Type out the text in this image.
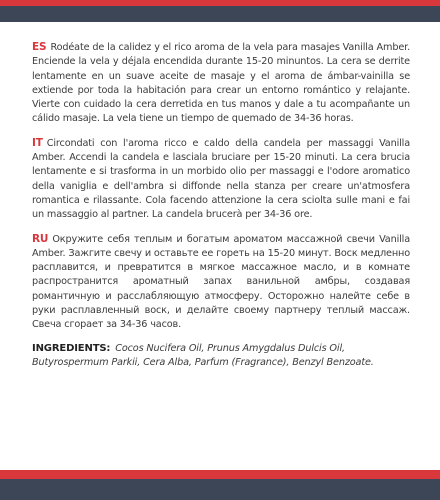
ES Rodéate de la calidez y el rico aroma de la vela para masajes Vanilla Amber. Enciende la vela y déjala encendida durante 15-20 minuntos. La cera se derrite lentamente en un suave aceite de masaje y el aroma de ámbar-vainilla se extiende por toda la habitación para crear un entorno romántico y relajante. Vierte con cuidado la cera derretida en tus manos y dale a tu acompañante un cálido masaje. La vela tiene un tiempo de quemado de 34-36 horas.

IT Circondati con l'aroma ricco e caldo della candela per massaggi Vanilla Amber. Accendi la candela e lasciala bruciare per 15-20 minuti. La cera brucia lentamente e si trasforma in un morbido olio per massaggi e l'odore aromatico della vaniglia e dell'ambra si diffonde nella stanza per creare un'atmosfera romantica e rilassante. Cola facendo attenzione la cera sciolta sulle mani e fai un massaggio al partner. La candela brucerà per 34-36 ore.

RU Окружите себя теплым и богатым ароматом массажной свечи Vanilla Amber. Зажгите свечу и оставьте ее гореть на 15-20 минут. Воск медленно расплавится, и превратится в мягкое массажное масло, и в комнате распространится ароматный запах ванильной амбры, создавая романтичную и расслабляющую атмосферу. Осторожно налейте себе в руки расплавленный воск, и делайте своему партнеру теплый массаж. Свеча сгорает за 34-36 часов.

INGREDIENTS: Cocos Nucifera Oil, Prunus Amygdalus Dulcis Oil, Butyrospermum Parkii, Cera Alba, Parfum (Fragrance), Benzyl Benzoate.
